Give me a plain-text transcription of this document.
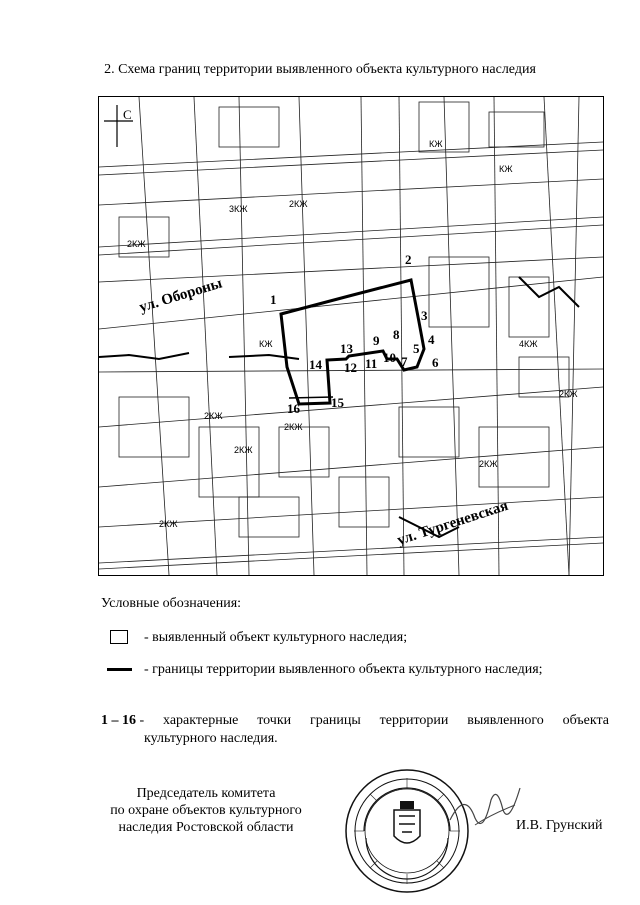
2. Схема границ территории выявленного объекта культурного наследия
1
2
3
4
5
6
7
8
9
10
11
12
13
14
15
16
2КЖ
2КЖ
2КЖ
3КЖ
2КЖ
2КЖ
4КЖ
КЖ
КЖ
2КЖ
2КЖ
КЖ
2КЖ
С
ул. Обороны
ул. Тургеневская
Условные обозначения:
- выявленный объект культурного наследия;
- границы территории выявленного объекта культурного наследия;
1 – 16 - характерные точки границы территории выявленного объекта
культурного наследия.
Председатель комитета
по охране объектов культурного
наследия Ростовской области	И.В. Грунский
